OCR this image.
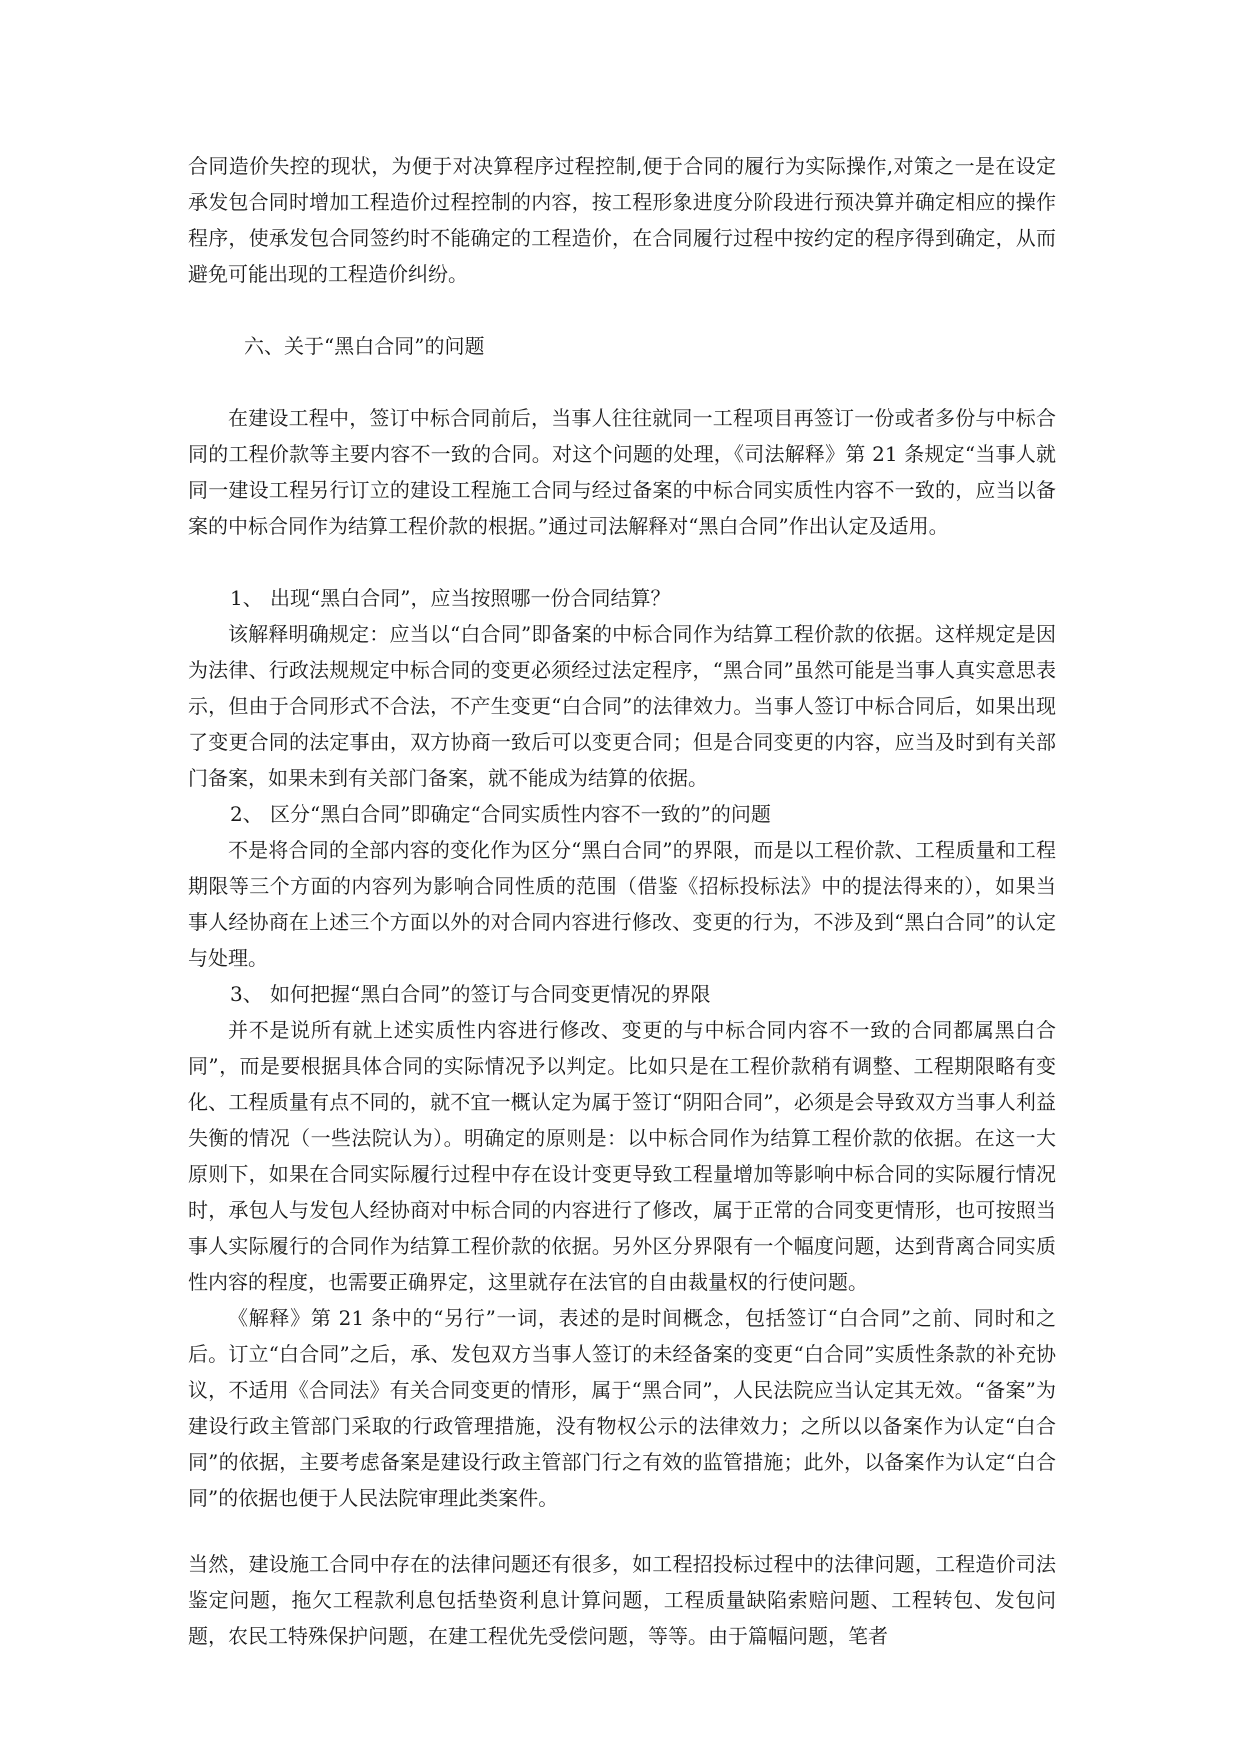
合同造价失控的现状，为便于对决算程序过程控制,便于合同的履行为实际操作,对策之一是在设定承发包合同时增加工程造价过程控制的内容，按工程形象进度分阶段进行预决算并确定相应的操作程序，使承发包合同签约时不能确定的工程造价，在合同履行过程中按约定的程序得到确定，从而避免可能出现的工程造价纠纷。

六、关于“黑白合同”的问题

在建设工程中，签订中标合同前后，当事人往往就同一工程项目再签订一份或者多份与中标合同的工程价款等主要内容不一致的合同。对这个问题的处理，《司法解释》第 21 条规定“当事人就同一建设工程另行订立的建设工程施工合同与经过备案的中标合同实质性内容不一致的，应当以备案的中标合同作为结算工程价款的根据。”通过司法解释对“黑白合同”作出认定及适用。

1、 出现“黑白合同”，应当按照哪一份合同结算？

该解释明确规定：应当以“白合同”即备案的中标合同作为结算工程价款的依据。这样规定是因为法律、行政法规规定中标合同的变更必须经过法定程序，“黑合同”虽然可能是当事人真实意思表示，但由于合同形式不合法，不产生变更“白合同”的法律效力。当事人签订中标合同后，如果出现了变更合同的法定事由，双方协商一致后可以变更合同；但是合同变更的内容，应当及时到有关部门备案，如果未到有关部门备案，就不能成为结算的依据。

2、 区分“黑白合同”即确定“合同实质性内容不一致的”的问题

不是将合同的全部内容的变化作为区分“黑白合同”的界限，而是以工程价款、工程质量和工程期限等三个方面的内容列为影响合同性质的范围（借鉴《招标投标法》中的提法得来的），如果当事人经协商在上述三个方面以外的对合同内容进行修改、变更的行为，不涉及到“黑白合同”的认定与处理。

3、 如何把握“黑白合同”的签订与合同变更情况的界限

并不是说所有就上述实质性内容进行修改、变更的与中标合同内容不一致的合同都属黑白合同”，而是要根据具体合同的实际情况予以判定。比如只是在工程价款稍有调整、工程期限略有变化、工程质量有点不同的，就不宜一概认定为属于签订“阴阳合同”，必须是会导致双方当事人利益失衡的情况（一些法院认为）。明确定的原则是：以中标合同作为结算工程价款的依据。在这一大原则下，如果在合同实际履行过程中存在设计变更导致工程量增加等影响中标合同的实际履行情况时，承包人与发包人经协商对中标合同的内容进行了修改，属于正常的合同变更情形，也可按照当事人实际履行的合同作为结算工程价款的依据。另外区分界限有一个幅度问题，达到背离合同实质性内容的程度，也需要正确界定，这里就存在法官的自由裁量权的行使问题。

《解释》第 21 条中的“另行”一词，表述的是时间概念，包括签订“白合同”之前、同时和之后。订立“白合同”之后，承、发包双方当事人签订的未经备案的变更“白合同”实质性条款的补充协议，不适用《合同法》有关合同变更的情形，属于“黑合同”，人民法院应当认定其无效。“备案”为建设行政主管部门采取的行政管理措施，没有物权公示的法律效力；之所以以备案作为认定“白合同”的依据，主要考虑备案是建设行政主管部门行之有效的监管措施；此外，以备案作为认定“白合同”的依据也便于人民法院审理此类案件。

当然，建设施工合同中存在的法律问题还有很多，如工程招投标过程中的法律问题，工程造价司法鉴定问题，拖欠工程款利息包括垫资利息计算问题，工程质量缺陷索赔问题、工程转包、发包问题，农民工特殊保护问题，在建工程优先受偿问题，等等。由于篇幅问题，笔者
